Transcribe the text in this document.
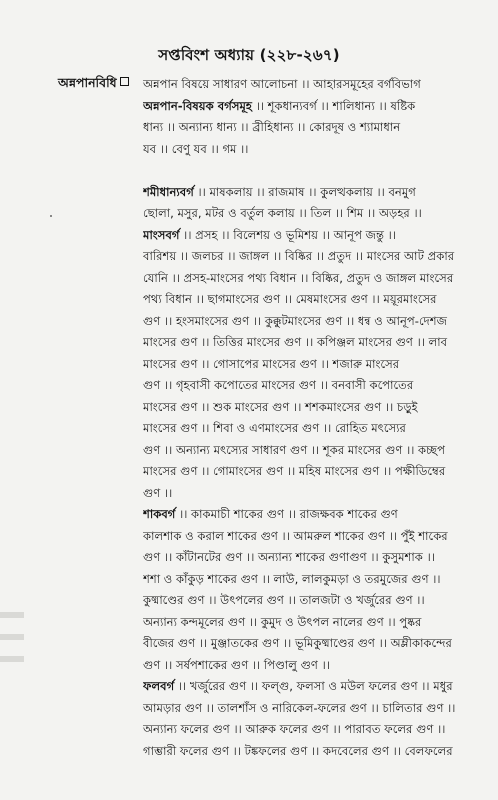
সপ্তবিংশ অধ্যায় (২২৮-২৬৭)
অন্নপানবিধি	অন্নপান বিষয়ে সাধারণ আলোচনা ।। আহারসমূহের বর্গবিভাগ
অন্নপান-বিষয়ক বর্গসমূহ ।। শূকধান্যবর্গ ।। শালিধান্য ।। ষষ্টিক
ধান্য ।। অন্যান্য ধান্য ।। ব্রীহিধান্য ।। কোরদূষ ও শ্যামাধান
যব ।। বেণু যব ।। গম ।।
শমীধান্যবর্গ ।। মাষকলায় ।। রাজমাষ ।। কুলত্থকলায় ।। বনমুগ
ছোলা, মসুর, মটর ও বর্তুল কলায় ।। তিল ।। শিম ।। অড়হর ।।
মাংসবর্গ ।। প্রসহ ।। বিলেশয় ও ভূমিশয় ।। আনূপ জন্তু ।।
বারিশয় ।। জলচর ।। জাঙ্গল ।। বিষ্কির ।। প্রতুদ ।। মাংসের আট প্রকার
যোনি ।। প্রসহ-মাংসের পথ্য বিধান ।। বিষ্কির, প্রতুদ ও জাঙ্গল মাংসের
পথ্য বিধান ।। ছাগমাংসের গুণ ।। মেষমাংসের গুণ ।। ময়ূরমাংসের
গুণ ।। হংসমাংসের গুণ ।। কুক্কুটমাংসের গুণ ।। ধন্ব ও আনূপ-দেশজ
মাংসের গুণ ।। তিত্তির মাংসের গুণ ।। কপিঞ্জল মাংসের গুণ ।। লাব
মাংসের গুণ ।। গোসাপের মাংসের গুণ ।। শজারু মাংসের
গুণ ।। গৃহবাসী কপোতের মাংসের গুণ ।। বনবাসী কপোতের
মাংসের গুণ ।। শুক মাংসের গুণ ।। শশকমাংসের গুণ ।। চড়ুই
মাংসের গুণ ।। শিবা ও এণমাংসের গুণ ।। রোহিত মৎস্যের
গুণ ।। অন্যান্য মৎস্যের সাধারণ গুণ ।। শূকর মাংসের গুণ ।। কচ্ছপ
মাংসের গুণ ।। গোমাংসের গুণ ।। মহিষ মাংসের গুণ ।। পক্ষীডিম্বের
গুণ ।।
শাকবর্গ ।। কাকমাচী শাকের গুণ ।। রাজক্ষবক শাকের গুণ
কালশাক ও করাল শাকের গুণ ।। আমরুল শাকের গুণ ।। পুঁই শাকের
গুণ ।। কাঁটানটের গুণ ।। অন্যান্য শাকের গুণাগুণ ।। কুসুমশাক ।।
শশা ও কাঁকুড় শাকের গুণ ।। লাউ, লালকুমড়া ও তরমুজের গুণ ।।
কুষ্মাণ্ডের গুণ ।। উৎপলের গুণ ।। তালজটা ও খর্জুরের গুণ ।।
অন্যান্য কন্দমূলের গুণ ।। কুমুদ ও উৎপল নালের গুণ ।। পুষ্কর
বীজের গুণ ।। মুঞ্জাতকের গুণ ।। ভূমিকুষ্মাণ্ডের গুণ ।। অম্লীকাকন্দের
গুণ ।। সর্ষপশাকের গুণ ।। পিণ্ডালু গুণ ।।
ফলবর্গ ।। খর্জুরের গুণ ।। ফল্গু, ফলসা ও মউল ফলের গুণ ।। মধুর
আমড়ার গুণ ।। তালশাঁস ও নারিকেল-ফলের গুণ ।। চালিতার গুণ ।।
অন্যান্য ফলের গুণ ।। আরুক ফলের গুণ ।। পারাবত ফলের গুণ ।।
গাম্ভারী ফলের গুণ ।। টঙ্কফলের গুণ ।। কদবেলের গুণ ।। বেলফলের
